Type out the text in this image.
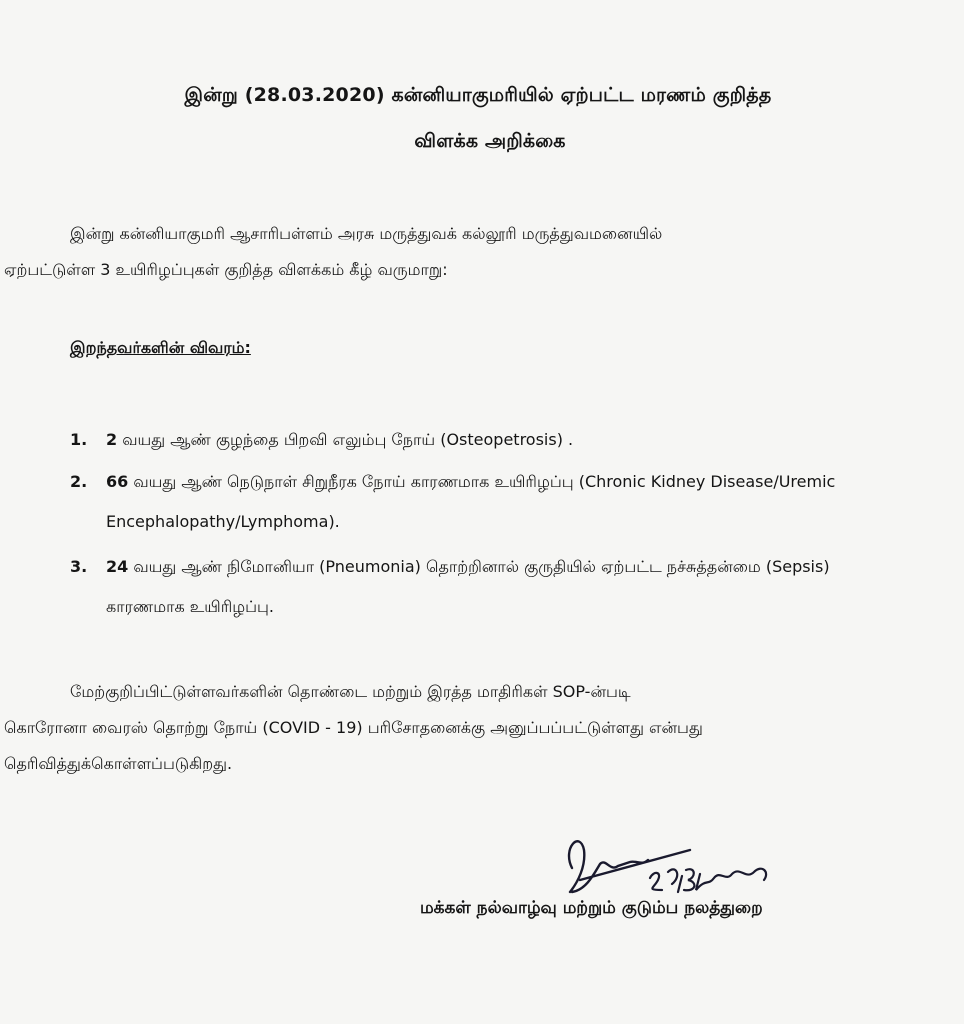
இன்று (28.03.2020) கன்னியாகுமரியில் ஏற்பட்ட மரணம் குறித்த
விளக்க அறிக்கை
இன்று கன்னியாகுமரி ஆசாரிபள்ளம் அரசு மருத்துவக் கல்லூரி மருத்துவமனையில்
ஏற்பட்டுள்ள 3 உயிரிழப்புகள் குறித்த விளக்கம் கீழ் வருமாறு:
இறந்தவர்களின் விவரம்:
1. 2 வயது ஆண் குழந்தை பிறவி எலும்பு நோய் (Osteopetrosis) .
2. 66 வயது ஆண் நெடுநாள் சிறுநீரக நோய் காரணமாக உயிரிழப்பு (Chronic Kidney Disease/Uremic Encephalopathy/Lymphoma).
3. 24 வயது ஆண் நிமோனியா (Pneumonia) தொற்றினால் குருதியில் ஏற்பட்ட நச்சுத்தன்மை (Sepsis) காரணமாக உயிரிழப்பு.
மேற்குறிப்பிட்டுள்ளவர்களின் தொண்டை மற்றும் இரத்த மாதிரிகள் SOP-ன்படி
கொரோனா வைரஸ் தொற்று நோய் (COVID - 19) பரிசோதனைக்கு அனுப்பப்பட்டுள்ளது என்பது
தெரிவித்துக்கொள்ளப்படுகிறது.
மக்கள் நல்வாழ்வு மற்றும் குடும்ப நலத்துறை
